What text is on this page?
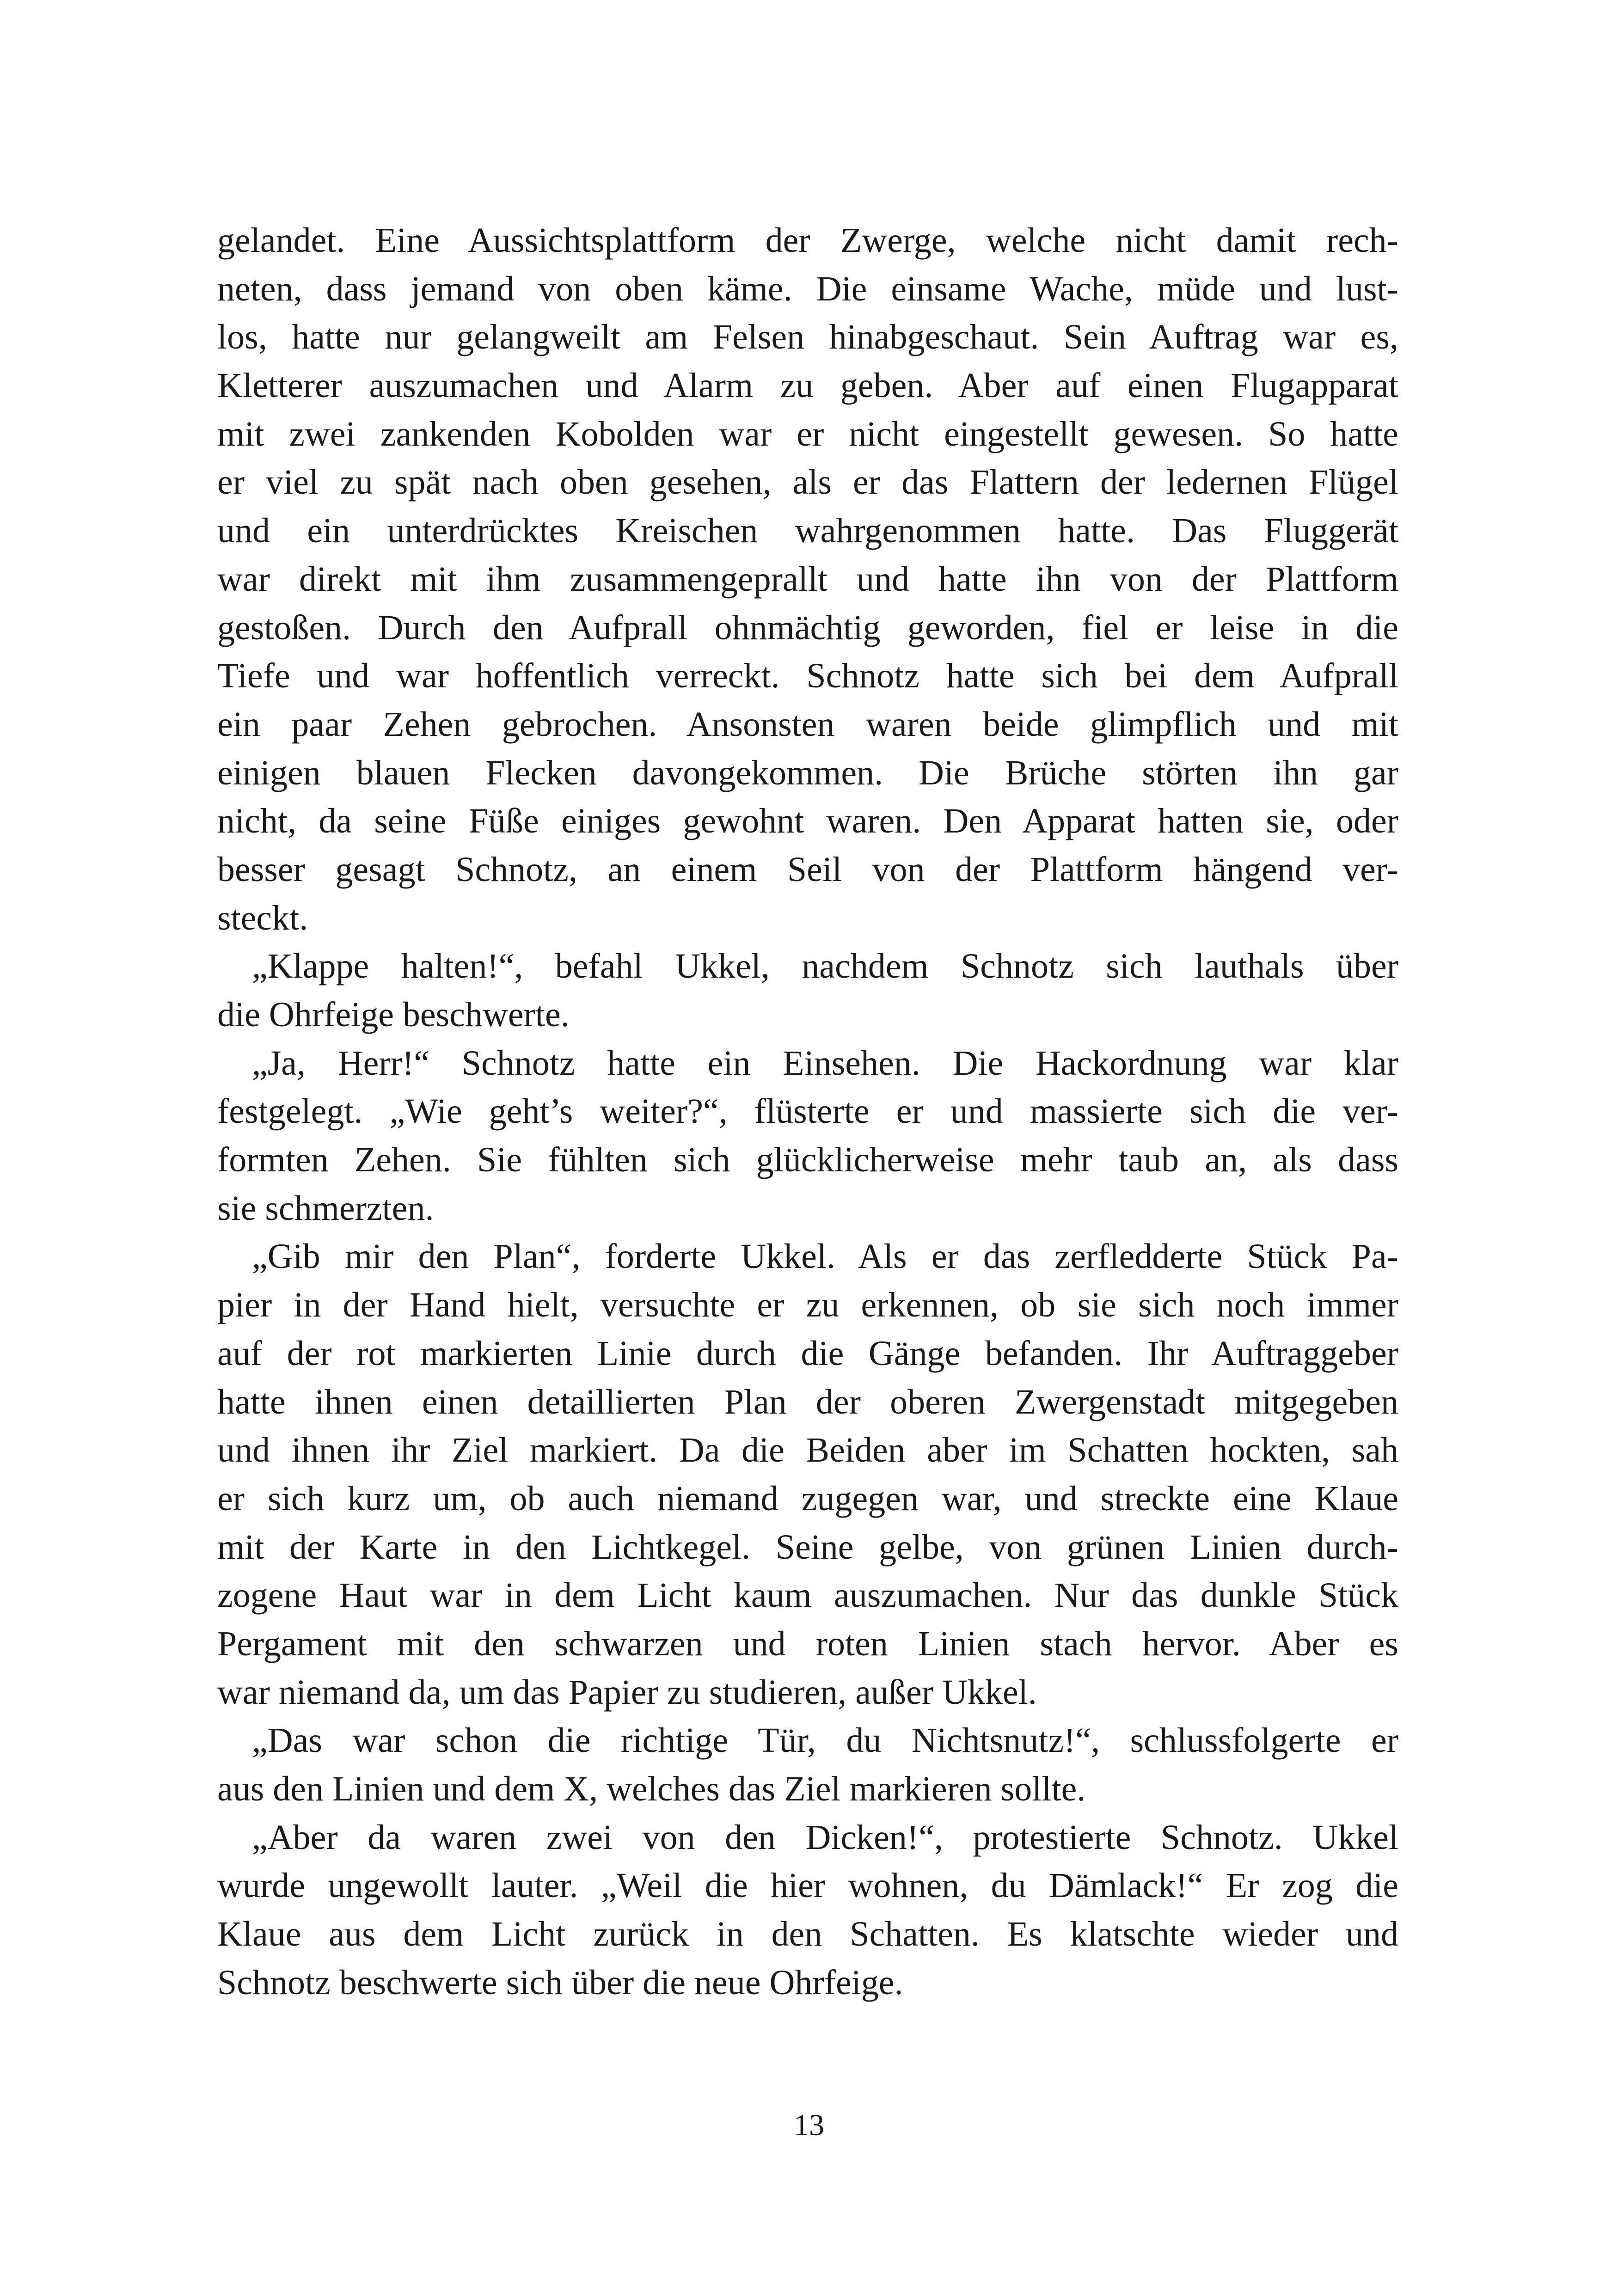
gelandet. Eine Aussichtsplattform der Zwerge, welche nicht damit rech-
neten, dass jemand von oben käme. Die einsame Wache, müde und lust-
los, hatte nur gelangweilt am Felsen hinabgeschaut. Sein Auftrag war es,
Kletterer auszumachen und Alarm zu geben. Aber auf einen Flugapparat
mit zwei zankenden Kobolden war er nicht eingestellt gewesen. So hatte
er viel zu spät nach oben gesehen, als er das Flattern der ledernen Flügel
und ein unterdrücktes Kreischen wahrgenommen hatte. Das Fluggerät
war direkt mit ihm zusammengeprallt und hatte ihn von der Plattform
gestoßen. Durch den Aufprall ohnmächtig geworden, fiel er leise in die
Tiefe und war hoffentlich verreckt. Schnotz hatte sich bei dem Aufprall
ein paar Zehen gebrochen. Ansonsten waren beide glimpflich und mit
einigen blauen Flecken davongekommen. Die Brüche störten ihn gar
nicht, da seine Füße einiges gewohnt waren. Den Apparat hatten sie, oder
besser gesagt Schnotz, an einem Seil von der Plattform hängend ver-
steckt.
„Klappe halten!“, befahl Ukkel, nachdem Schnotz sich lauthals über
die Ohrfeige beschwerte.
„Ja, Herr!“ Schnotz hatte ein Einsehen. Die Hackordnung war klar
festgelegt. „Wie geht’s weiter?“, flüsterte er und massierte sich die ver-
formten Zehen. Sie fühlten sich glücklicherweise mehr taub an, als dass
sie schmerzten.
„Gib mir den Plan“, forderte Ukkel. Als er das zerfledderte Stück Pa-
pier in der Hand hielt, versuchte er zu erkennen, ob sie sich noch immer
auf der rot markierten Linie durch die Gänge befanden. Ihr Auftraggeber
hatte ihnen einen detaillierten Plan der oberen Zwergenstadt mitgegeben
und ihnen ihr Ziel markiert. Da die Beiden aber im Schatten hockten, sah
er sich kurz um, ob auch niemand zugegen war, und streckte eine Klaue
mit der Karte in den Lichtkegel. Seine gelbe, von grünen Linien durch-
zogene Haut war in dem Licht kaum auszumachen. Nur das dunkle Stück
Pergament mit den schwarzen und roten Linien stach hervor. Aber es
war niemand da, um das Papier zu studieren, außer Ukkel.
„Das war schon die richtige Tür, du Nichtsnutz!“, schlussfolgerte er
aus den Linien und dem X, welches das Ziel markieren sollte.
„Aber da waren zwei von den Dicken!“, protestierte Schnotz. Ukkel
wurde ungewollt lauter. „Weil die hier wohnen, du Dämlack!“ Er zog die
Klaue aus dem Licht zurück in den Schatten. Es klatschte wieder und
Schnotz beschwerte sich über die neue Ohrfeige.
13
